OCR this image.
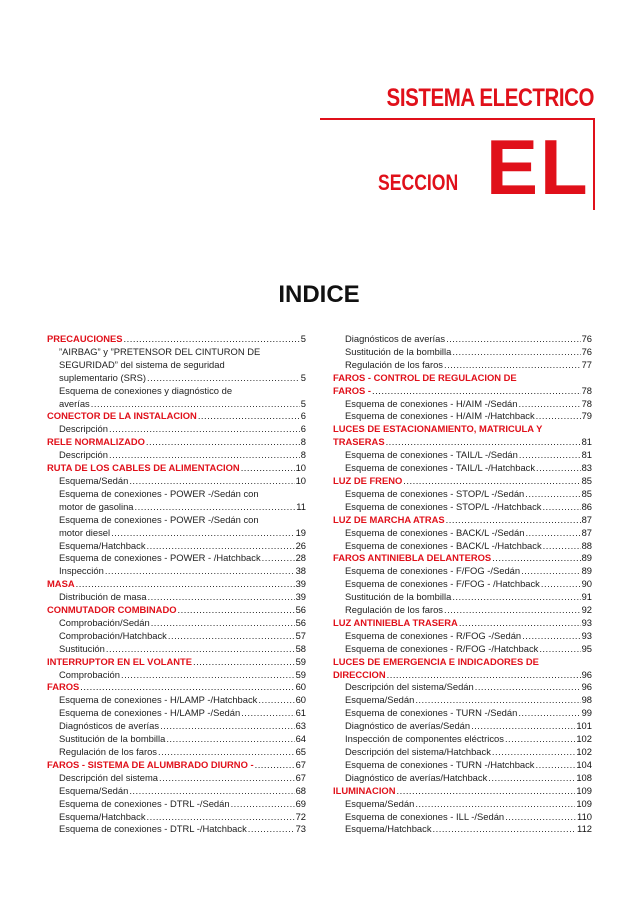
SISTEMA ELECTRICO
SECCION EL
INDICE
PRECAUCIONES .....	5
”AIRBAG” y ”PRETENSOR DEL CINTURON DE
SEGURIDAD” del sistema de seguridad
suplementario (SRS) .....	5
Esquema de conexiones y diagnóstico de
averías .....	5
CONECTOR DE LA INSTALACION .....	6
Descripción .....	6
RELE NORMALIZADO .....	8
Descripción .....	8
RUTA DE LOS CABLES DE ALIMENTACION .....	10
Esquema/Sedán .....	10
Esquema de conexiones - POWER -/Sedán con
motor de gasolina .....	11
Esquema de conexiones - POWER -/Sedán con
motor diesel .....	19
Esquema/Hatchback .....	26
Esquema de conexiones - POWER - /Hatchback .....	28
Inspección .....	38
MASA .....	39
Distribución de masa .....	39
CONMUTADOR COMBINADO .....	56
Comprobación/Sedán .....	56
Comprobación/Hatchback .....	57
Sustitución .....	58
INTERRUPTOR EN EL VOLANTE .....	59
Comprobación .....	59
FAROS .....	60
Esquema de conexiones - H/LAMP -/Hatchback .....	60
Esquema de conexiones - H/LAMP -/Sedán .....	61
Diagnósticos de averías .....	63
Sustitución de la bombilla .....	64
Regulación de los faros .....	65
FAROS - SISTEMA DE ALUMBRADO DIURNO - .....	67
Descripción del sistema .....	67
Esquema/Sedán .....	68
Esquema de conexiones - DTRL -/Sedán .....	69
Esquema/Hatchback .....	72
Esquema de conexiones - DTRL -/Hatchback .....	73
Diagnósticos de averías .....	76
Sustitución de la bombilla .....	76
Regulación de los faros .....	77
FAROS - CONTROL DE REGULACION DE
FAROS - .....	78
Esquema de conexiones - H/AIM -/Sedán .....	78
Esquema de conexiones - H/AIM -/Hatchback .....	79
LUCES DE ESTACIONAMIENTO, MATRICULA Y
TRASERAS .....	81
Esquema de conexiones - TAIL/L -/Sedán .....	81
Esquema de conexiones - TAIL/L -/Hatchback .....	83
LUZ DE FRENO .....	85
Esquema de conexiones - STOP/L -/Sedán .....	85
Esquema de conexiones - STOP/L -/Hatchback .....	86
LUZ DE MARCHA ATRAS .....	87
Esquema de conexiones - BACK/L -/Sedán .....	87
Esquema de conexiones - BACK/L -/Hatchback .....	88
FAROS ANTINIEBLA DELANTEROS .....	89
Esquema de conexiones - F/FOG -/Sedán .....	89
Esquema de conexiones - F/FOG - /Hatchback .....	90
Sustitución de la bombilla .....	91
Regulación de los faros .....	92
LUZ ANTINIEBLA TRASERA .....	93
Esquema de conexiones - R/FOG -/Sedán .....	93
Esquema de conexiones - R/FOG -/Hatchback .....	95
LUCES DE EMERGENCIA E INDICADORES DE
DIRECCION .....	96
Descripción del sistema/Sedán .....	96
Esquema/Sedán .....	98
Esquema de conexiones - TURN -/Sedán .....	99
Diagnóstico de averías/Sedán .....	101
Inspección de componentes eléctricos .....	102
Descripción del sistema/Hatchback .....	102
Esquema de conexiones - TURN -/Hatchback .....	104
Diagnóstico de averías/Hatchback .....	108
ILUMINACION .....	109
Esquema/Sedán .....	109
Esquema de conexiones - ILL -/Sedán .....	110
Esquema/Hatchback .....	112
